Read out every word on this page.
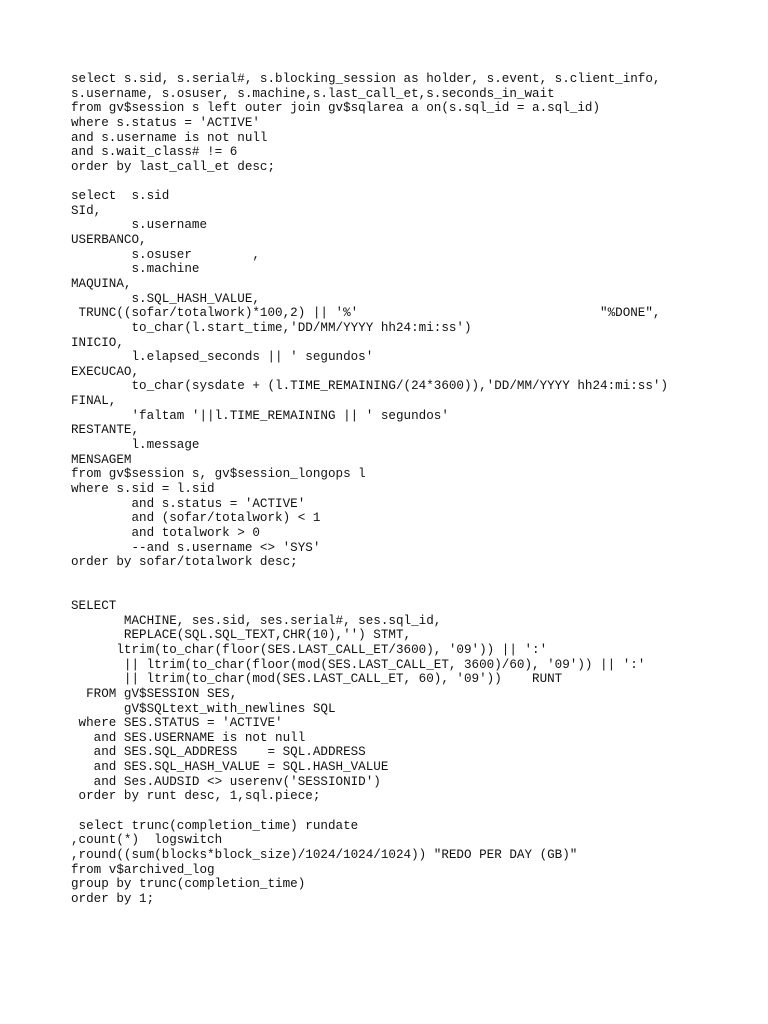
select s.sid, s.serial#, s.blocking_session as holder, s.event, s.client_info,
s.username, s.osuser, s.machine,s.last_call_et,s.seconds_in_wait
from gv$session s left outer join gv$sqlarea a on(s.sql_id = a.sql_id)
where s.status = 'ACTIVE'
and s.username is not null
and s.wait_class# != 6
order by last_call_et desc;
select  s.sid
SId,
s.username
USERBANCO,
s.osuser        ,
s.machine
MAQUINA,
s.SQL_HASH_VALUE,
TRUNC((sofar/totalwork)*100,2) || '%'                                "%DONE",
to_char(l.start_time,'DD/MM/YYYY hh24:mi:ss')
INICIO,
l.elapsed_seconds || ' segundos'
EXECUCAO,
to_char(sysdate + (l.TIME_REMAINING/(24*3600)),'DD/MM/YYYY hh24:mi:ss')
FINAL,
'faltam '||l.TIME_REMAINING || ' segundos'
RESTANTE,
l.message
MENSAGEM
from gv$session s, gv$session_longops l
where s.sid = l.sid
and s.status = 'ACTIVE'
and (sofar/totalwork) < 1
and totalwork > 0
--and s.username <> 'SYS'
order by sofar/totalwork desc;
SELECT
MACHINE, ses.sid, ses.serial#, ses.sql_id,
REPLACE(SQL.SQL_TEXT,CHR(10),'') STMT,
ltrim(to_char(floor(SES.LAST_CALL_ET/3600), '09')) || ':'
|| ltrim(to_char(floor(mod(SES.LAST_CALL_ET, 3600)/60), '09')) || ':'
|| ltrim(to_char(mod(SES.LAST_CALL_ET, 60), '09'))    RUNT
FROM gV$SESSION SES,
gV$SQLtext_with_newlines SQL
where SES.STATUS = 'ACTIVE'
and SES.USERNAME is not null
and SES.SQL_ADDRESS    = SQL.ADDRESS
and SES.SQL_HASH_VALUE = SQL.HASH_VALUE
and Ses.AUDSID <> userenv('SESSIONID')
order by runt desc, 1,sql.piece;
select trunc(completion_time) rundate
,count(*)  logswitch
,round((sum(blocks*block_size)/1024/1024/1024)) "REDO PER DAY (GB)"
from v$archived_log
group by trunc(completion_time)
order by 1;
